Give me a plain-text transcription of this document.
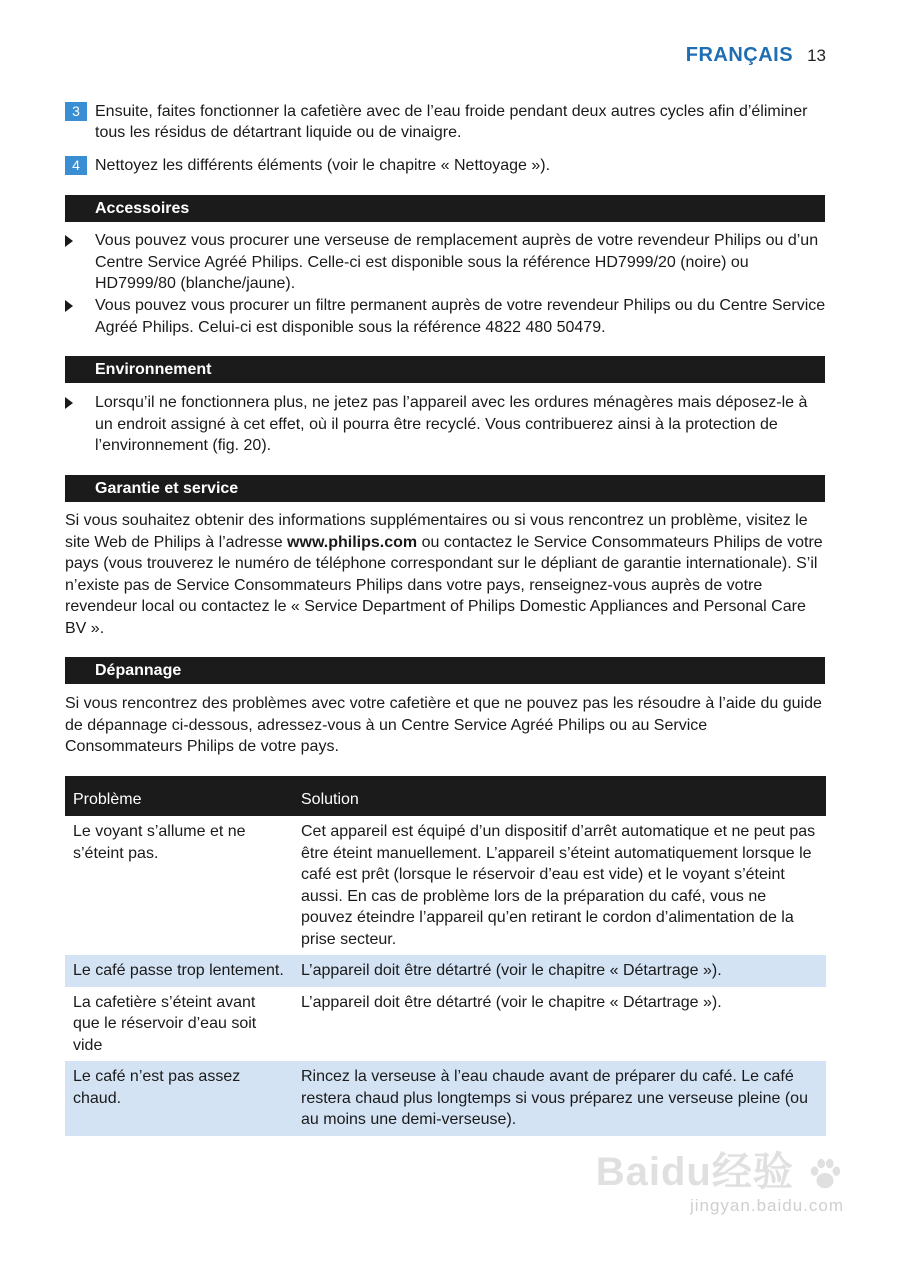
FRANÇAIS 13
3 Ensuite, faites fonctionner la cafetière avec de l’eau froide pendant deux autres cycles afin d’éliminer tous les résidus de détartrant liquide ou de vinaigre.
4 Nettoyez les différents éléments (voir le chapitre « Nettoyage »).
Accessoires
Vous pouvez vous procurer une verseuse de remplacement auprès de votre revendeur Philips ou d’un Centre Service Agréé Philips. Celle-ci est disponible sous la référence HD7999/20 (noire) ou HD7999/80 (blanche/jaune).
Vous pouvez vous procurer un filtre permanent auprès de votre revendeur Philips ou du Centre Service Agréé Philips. Celui-ci est disponible sous la référence 4822 480 50479.
Environnement
Lorsqu’il ne fonctionnera plus, ne jetez pas l’appareil avec les ordures ménagères mais déposez-le à un endroit assigné à cet effet, où il pourra être recyclé. Vous contribuerez ainsi à la protection de l’environnement (fig. 20).
Garantie et service
Si vous souhaitez obtenir des informations supplémentaires ou si vous rencontrez un problème, visitez le site Web de Philips à l’adresse www.philips.com ou contactez le Service Consommateurs Philips de votre pays (vous trouverez le numéro de téléphone correspondant sur le dépliant de garantie internationale). S’il n’existe pas de Service Consommateurs Philips dans votre pays, renseignez-vous auprès de votre revendeur local ou contactez le « Service Department of Philips Domestic Appliances and Personal Care BV ».
Dépannage
Si vous rencontrez des problèmes avec votre cafetière et que ne pouvez pas les résoudre à l’aide du guide de dépannage ci-dessous, adressez-vous à un Centre Service Agréé Philips ou au Service Consommateurs Philips de votre pays.
Problème	Solution
Le voyant s’allume et ne s’éteint pas.	Cet appareil est équipé d’un dispositif d’arrêt automatique et ne peut pas être éteint manuellement. L’appareil s’éteint automatiquement lorsque le café est prêt (lorsque le réservoir d’eau est vide) et le voyant s’éteint aussi. En cas de problème lors de la préparation du café, vous ne pouvez éteindre l’appareil qu’en retirant le cordon d’alimentation de la prise secteur.
Le café passe trop lentement.	L’appareil doit être détartré (voir le chapitre « Détartrage »).
La cafetière s’éteint avant que le réservoir d’eau soit vide	L’appareil doit être détartré (voir le chapitre « Détartrage »).
Le café n’est pas assez chaud.	Rincez la verseuse à l’eau chaude avant de préparer du café. Le café restera chaud plus longtemps si vous préparez une verseuse pleine (ou au moins une demi-verseuse).
Baidu经验
jingyan.baidu.com
